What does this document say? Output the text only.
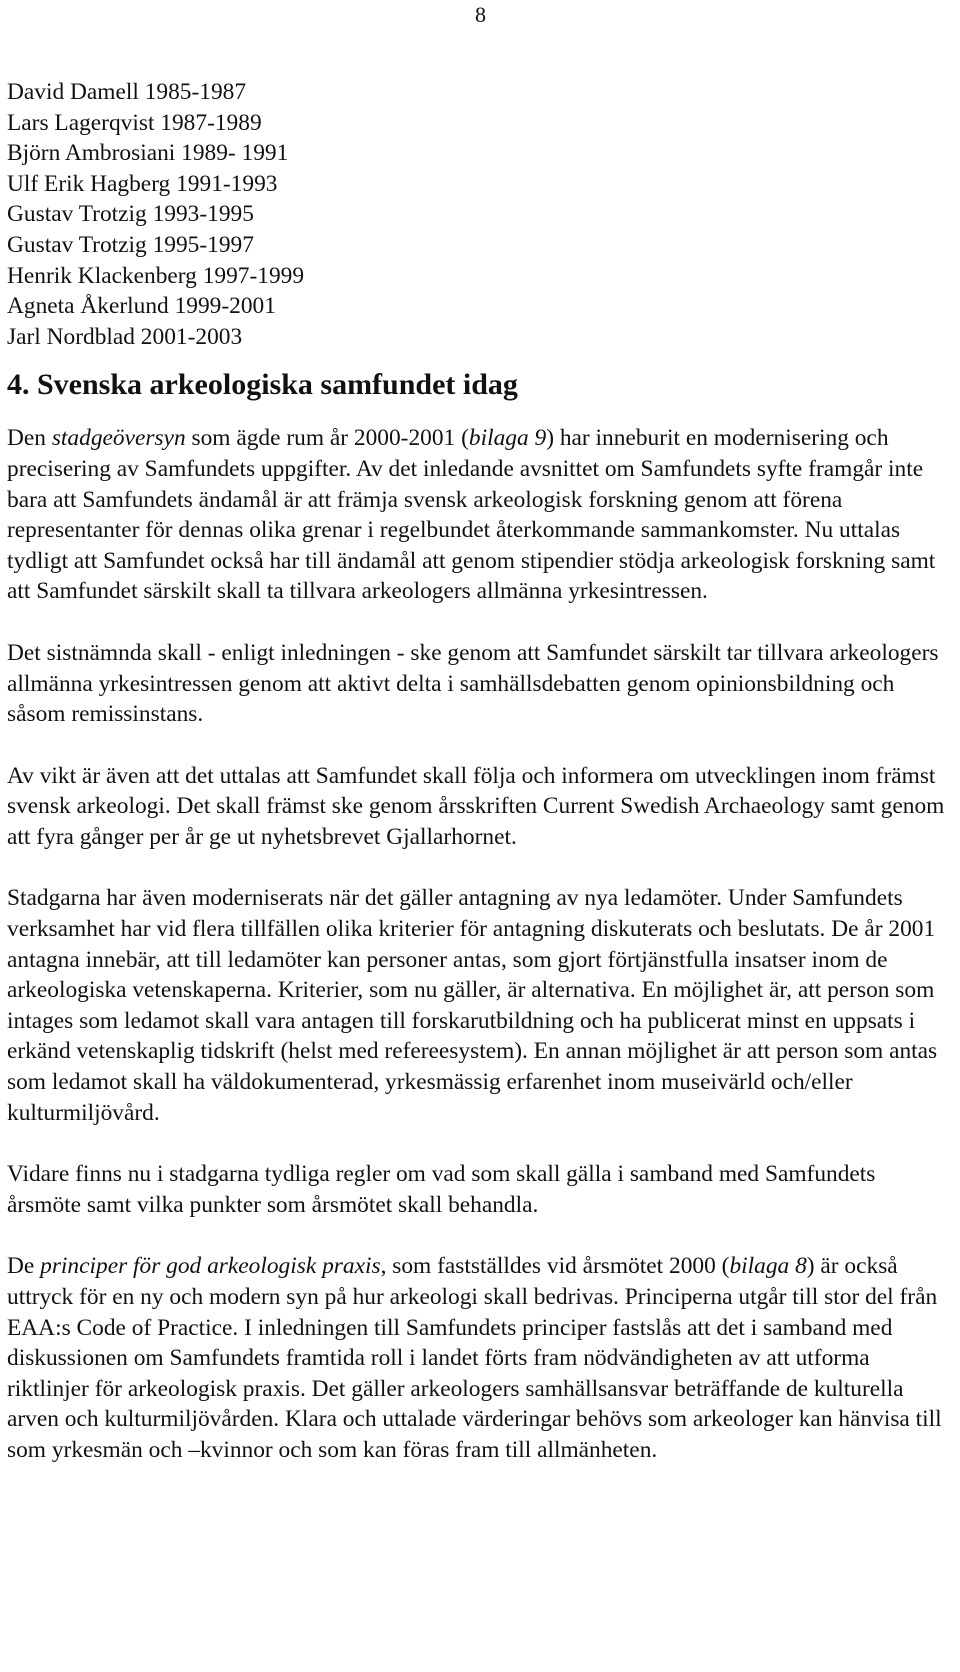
8
David Damell 1985-1987
Lars Lagerqvist 1987-1989
Björn Ambrosiani 1989- 1991
Ulf Erik Hagberg 1991-1993
Gustav Trotzig 1993-1995
Gustav Trotzig 1995-1997
Henrik Klackenberg 1997-1999
Agneta Åkerlund 1999-2001
Jarl Nordblad 2001-2003
4. Svenska arkeologiska samfundet idag

Den stadgeöversyn som ägde rum år 2000-2001 (bilaga 9) har inneburit en modernisering och precisering av Samfundets uppgifter. Av det inledande avsnittet om Samfundets syfte framgår inte bara att Samfundets ändamål är att främja svensk arkeologisk forskning genom att förena representanter för dennas olika grenar i regelbundet återkommande sammankomster. Nu uttalas tydligt att Samfundet också har till ändamål att genom stipendier stödja arkeologisk forskning samt att Samfundet särskilt skall ta tillvara arkeologers allmänna yrkesintressen.

Det sistnämnda skall - enligt inledningen - ske genom att Samfundet särskilt tar tillvara arkeologers allmänna yrkesintressen genom att aktivt delta i samhällsdebatten genom opinionsbildning och såsom remissinstans.

Av vikt är även att det uttalas att Samfundet skall följa och informera om utvecklingen inom främst svensk arkeologi. Det skall främst ske genom årsskriften Current Swedish Archaeology samt genom att fyra gånger per år ge ut nyhetsbrevet Gjallarhornet.

Stadgarna har även moderniserats när det gäller antagning av nya ledamöter. Under Samfundets verksamhet har vid flera tillfällen olika kriterier för antagning diskuterats och beslutats. De år 2001 antagna innebär, att till ledamöter kan personer antas, som gjort förtjänstfulla insatser inom de arkeologiska vetenskaperna. Kriterier, som nu gäller, är alternativa. En möjlighet är, att person som intages som ledamot skall vara antagen till forskarutbildning och ha publicerat minst en uppsats i erkänd vetenskaplig tidskrift (helst med refereesystem). En annan möjlighet är att person som antas som ledamot skall ha väldokumenterad, yrkesmässig erfarenhet inom museivärld och/eller kulturmiljövård.

Vidare finns nu i stadgarna tydliga regler om vad som skall gälla i samband med Samfundets årsmöte samt vilka punkter som årsmötet skall behandla.

De principer för god arkeologisk praxis, som fastställdes vid årsmötet 2000 (bilaga 8) är också uttryck för en ny och modern syn på hur arkeologi skall bedrivas. Principerna utgår till stor del från EAA:s Code of Practice. I inledningen till Samfundets principer fastslås att det i samband med diskussionen om Samfundets framtida roll i landet förts fram nödvändigheten av att utforma riktlinjer för arkeologisk praxis. Det gäller arkeologers samhällsansvar beträffande de kulturella arven och kulturmiljövården. Klara och uttalade värderingar behövs som arkeologer kan hänvisa till som yrkesmän och –kvinnor och som kan föras fram till allmänheten.
